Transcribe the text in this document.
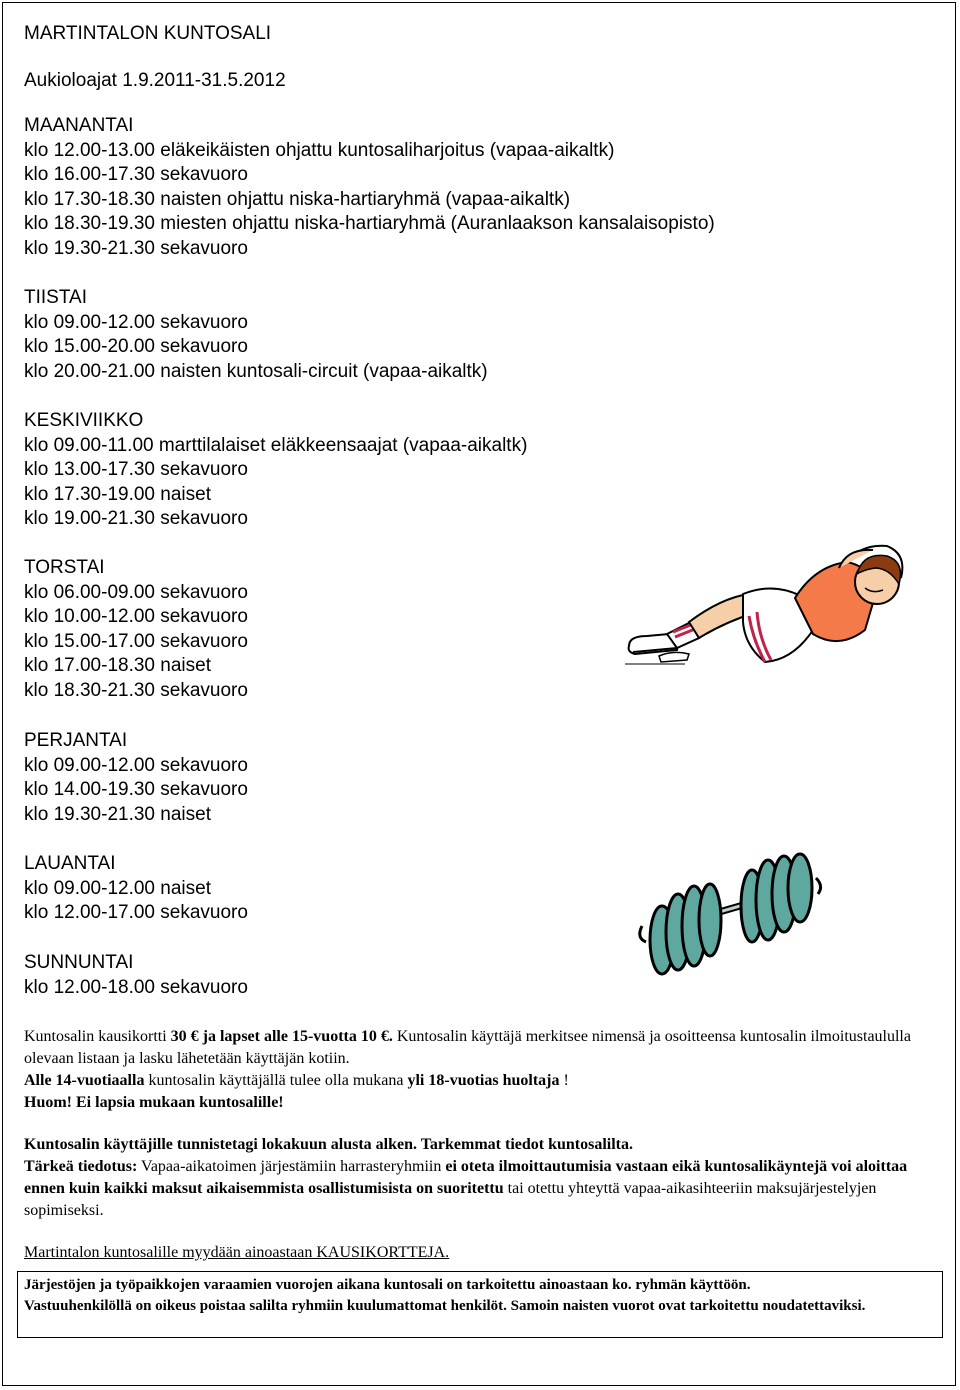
MARTINTALON KUNTOSALI
Aukioloajat 1.9.2011-31.5.2012
MAANANTAI
klo 12.00-13.00 eläkeikäisten ohjattu kuntosaliharjoitus (vapaa-aikaltk)
klo 16.00-17.30 sekavuoro
klo 17.30-18.30 naisten ohjattu niska-hartiaryhmä (vapaa-aikaltk)
klo 18.30-19.30 miesten ohjattu niska-hartiaryhmä (Auranlaakson kansalaisopisto)
klo 19.30-21.30 sekavuoro
TIISTAI
klo 09.00-12.00 sekavuoro
klo 15.00-20.00 sekavuoro
klo 20.00-21.00 naisten kuntosali-circuit (vapaa-aikaltk)
KESKIVIIKKO
klo 09.00-11.00 marttilalaiset eläkkeensaajat (vapaa-aikaltk)
klo 13.00-17.30 sekavuoro
klo 17.30-19.00 naiset
klo 19.00-21.30 sekavuoro
TORSTAI
klo 06.00-09.00 sekavuoro
klo 10.00-12.00 sekavuoro
klo 15.00-17.00 sekavuoro
klo 17.00-18.30 naiset
klo 18.30-21.30 sekavuoro
PERJANTAI
klo 09.00-12.00 sekavuoro
klo 14.00-19.30 sekavuoro
klo 19.30-21.30 naiset
LAUANTAI
klo 09.00-12.00 naiset
klo 12.00-17.00 sekavuoro
SUNNUNTAI
klo 12.00-18.00 sekavuoro

Kuntosalin kausikortti 30 € ja lapset alle 15-vuotta 10 €. Kuntosalin käyttäjä merkitsee nimensä ja osoitteensa kuntosalin ilmoitustaululla olevaan listaan ja lasku lähetetään käyttäjän kotiin.

Alle 14-vuotiaalla kuntosalin käyttäjällä tulee olla mukana yli 18-vuotias huoltaja !

Huom! Ei lapsia mukaan kuntosalille!

Kuntosalin käyttäjille tunnistetagi lokakuun alusta alken. Tarkemmat tiedot kuntosalilta.

Tärkeä tiedotus: Vapaa-aikatoimen järjestämiin harrasteryhmiin ei oteta ilmoittautumisia vastaan eikä kuntosalikäyntejä voi aloittaa ennen kuin kaikki maksut aikaisemmista osallistumisista on suoritettu tai otettu yhteyttä vapaa-aikasihteeriin maksujärjestelyjen sopimiseksi.

Martintalon kuntosalille myydään ainoastaan KAUSIKORTTEJA.

Järjestöjen ja työpaikkojen varaamien vuorojen aikana kuntosali on tarkoitettu ainoastaan ko. ryhmän käyttöön.

Vastuuhenkilöllä on oikeus poistaa salilta ryhmiin kuulumattomat henkilöt. Samoin naisten vuorot ovat tarkoitettu noudatettaviksi.
